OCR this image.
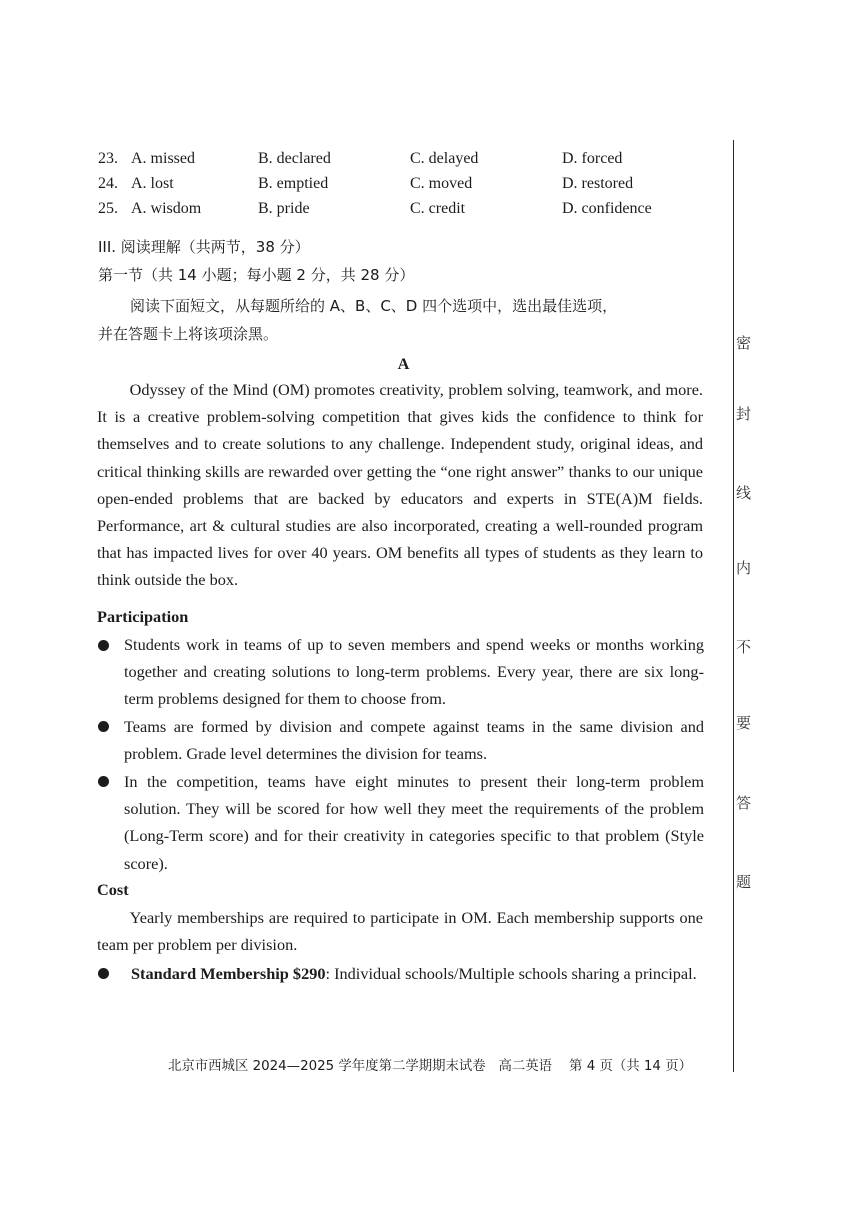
23. A. missed	B. declared	C. delayed	D. forced
24. A. lost	B. emptied	C. moved	D. restored
25. A. wisdom	B. pride	C. credit	D. confidence
III. 阅读理解（共两节，38 分）
第一节（共 14 小题；每小题 2 分，共 28 分）
阅读下面短文，从每题所给的 A、B、C、D 四个选项中，选出最佳选项，
并在答题卡上将该项涂黑。
A
Odyssey of the Mind (OM) promotes creativity, problem solving, teamwork, and more. It is a creative problem-solving competition that gives kids the confidence to think for themselves and to create solutions to any challenge. Independent study, original ideas, and critical thinking skills are rewarded over getting the “one right answer” thanks to our unique open-ended problems that are backed by educators and experts in STE(A)M fields. Performance, art & cultural studies are also incorporated, creating a well-rounded program that has impacted lives for over 40 years. OM benefits all types of students as they learn to think outside the box.
Participation
Students work in teams of up to seven members and spend weeks or months working together and creating solutions to long-term problems. Every year, there are six long-term problems designed for them to choose from.
Teams are formed by division and compete against teams in the same division and problem. Grade level determines the division for teams.
In the competition, teams have eight minutes to present their long-term problem solution. They will be scored for how well they meet the requirements of the problem (Long-Term score) and for their creativity in categories specific to that problem (Style score).
Cost
Yearly memberships are required to participate in OM. Each membership supports one team per problem per division.
Standard Membership $290: Individual schools/Multiple schools sharing a principal.
密
封
线
内
不
要
答
题
北京市西城区 2024—2025 学年度第二学期期末试卷   高二英语    第 4 页（共 14 页）
